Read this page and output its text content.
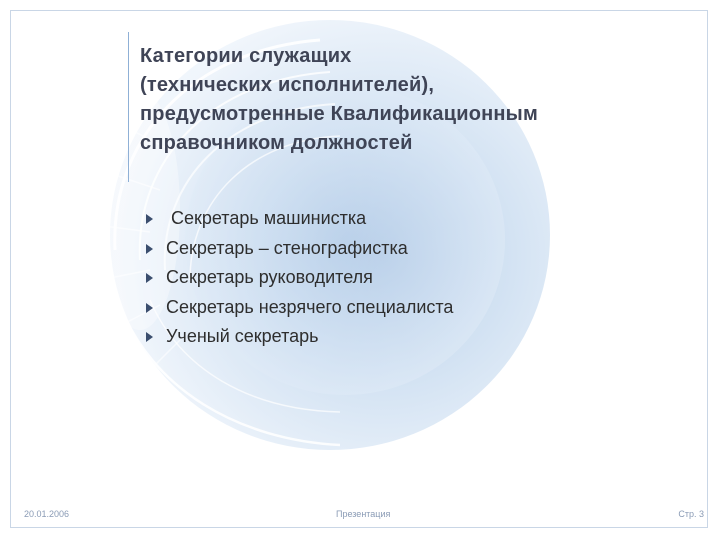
Категории служащих
(технических исполнителей),
предусмотренные Квалификационным
справочником должностей
Секретарь машинистка
Секретарь – стенографистка
Секретарь руководителя
Секретарь незрячего специалиста
Ученый секретарь
20.01.2006	Презентация	Стр. 3
